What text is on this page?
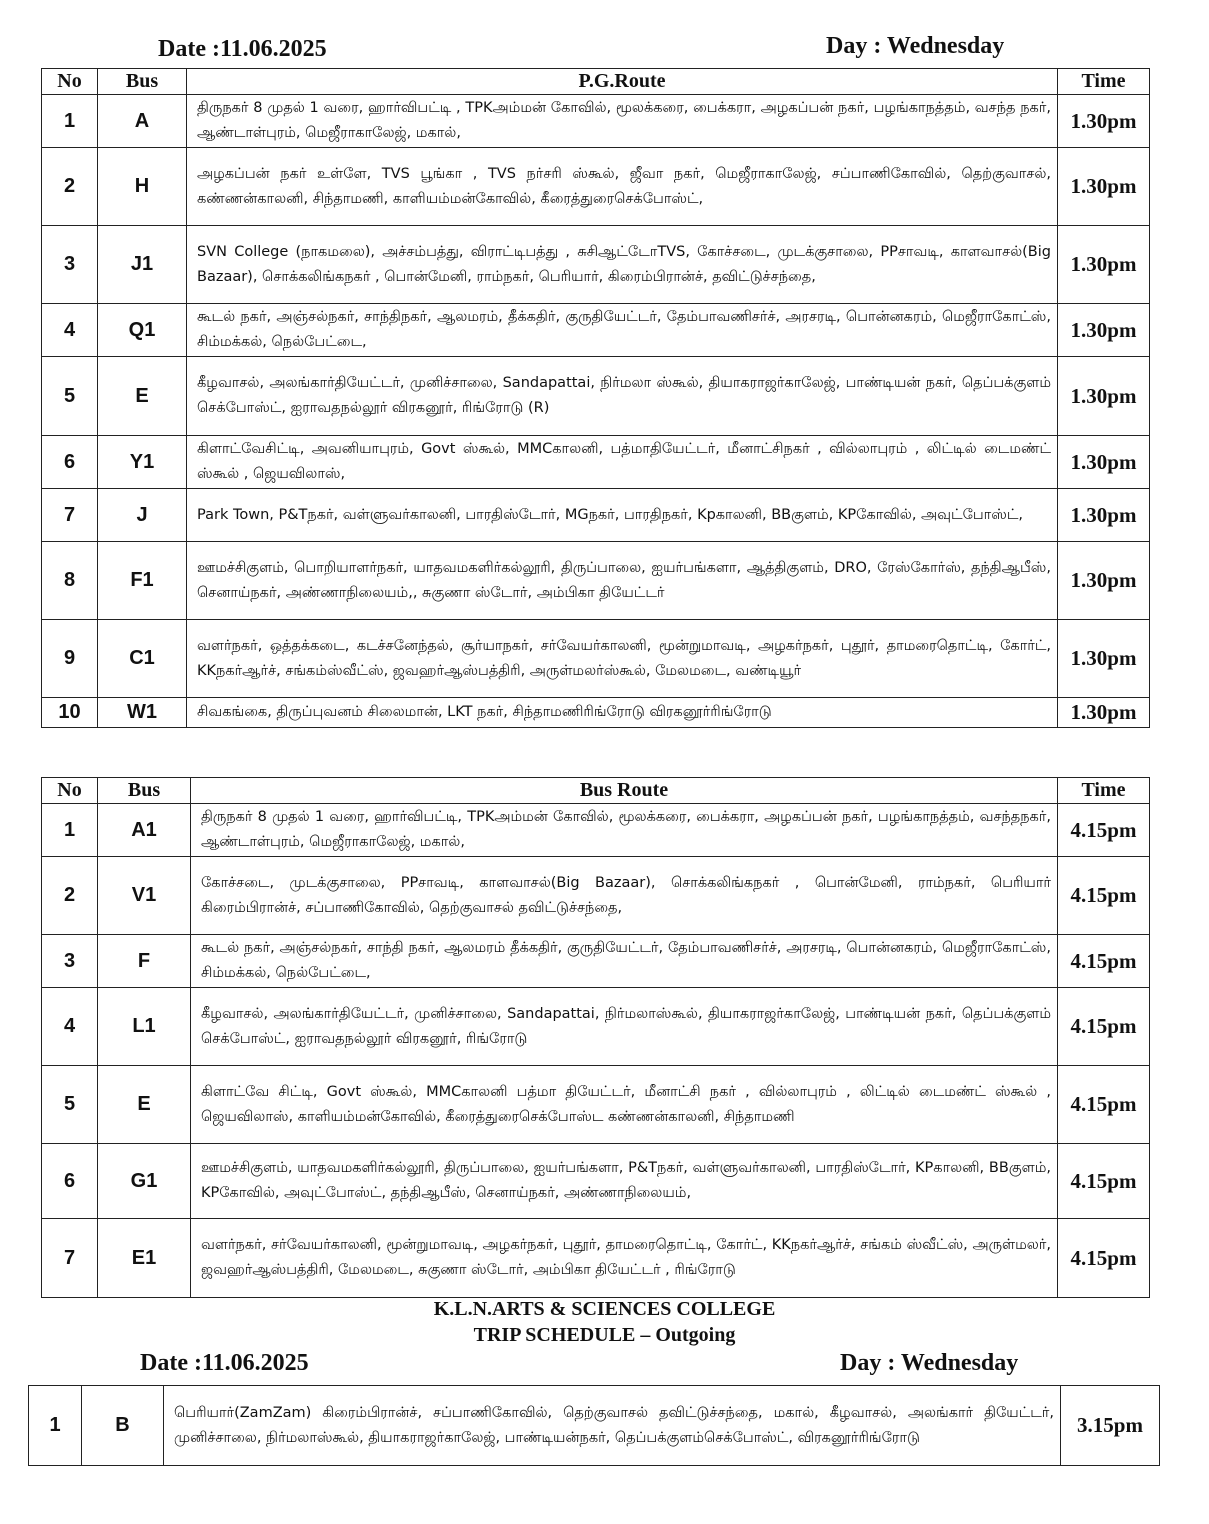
Date :11.06.2025	Day : Wednesday
No	Bus	P.G.Route	Time
1	A	திருநகர் 8 முதல் 1 வரை, ஹார்விபட்டி , TPKஅம்மன் கோவில், மூலக்கரை, பைக்கரா, அழகப்பன் நகர், பழங்காநத்தம், வசந்த நகர், ஆண்டாள்புரம், மெஜீராகாலேஜ், மகால்,	1.30pm
2	H	அழகப்பன் நகர் உள்ளே, TVS பூங்கா , TVS நர்சரி ஸ்கூல், ஜீவா நகர், மெஜீராகாலேஜ், சப்பாணிகோவில், தெற்குவாசல், கண்ணன்காலனி, சிந்தாமணி, காளியம்மன்கோவில், கீரைத்துரைசெக்போஸ்ட்,	1.30pm
3	J1	SVN College (நாகமலை), அச்சம்பத்து, விராட்டிபத்து , சுசிஆட்டோTVS, கோச்சடை, முடக்குசாலை, PPசாவடி, காளவாசல்(Big Bazaar), சொக்கலிங்கநகர் , பொன்மேனி, ராம்நகர், பெரியார், கிரைம்பிரான்ச், தவிட்டுச்சந்தை,	1.30pm
4	Q1	கூடல் நகர், அஞ்சல்நகர், சாந்திநகர், ஆலமரம், தீக்கதிர், குருதியேட்டர், தேம்பாவணிசர்ச், அரசரடி, பொன்னகரம், மெஜீராகோட்ஸ், சிம்மக்கல், நெல்பேட்டை,	1.30pm
5	E	கீழவாசல், அலங்கார்தியேட்டர், முனிச்சாலை, Sandapattai, நிர்மலா ஸ்கூல், தியாகராஜர்காலேஜ், பாண்டியன் நகர், தெப்பக்குளம் செக்போஸ்ட், ஐராவதநல்லூர் விரகனூர், ரிங்ரோடு (R)	1.30pm
6	Y1	கிளாட்வேசிட்டி, அவனியாபுரம், Govt ஸ்கூல், MMCகாலனி, பத்மாதியேட்டர், மீனாட்சிநகர் , வில்லாபுரம் , லிட்டில் டைமண்ட் ஸ்கூல் , ஜெயவிலாஸ்,	1.30pm
7	J	Park Town, P&Tநகர், வள்ளுவர்காலனி, பாரதிஸ்டோர், MGநகர், பாரதிநகர், Kpகாலனி, BBகுளம், KPகோவில், அவுட்போஸ்ட்,	1.30pm
8	F1	ஊமச்சிகுளம், பொறியாளர்நகர், யாதவமகளிர்கல்லூரி, திருப்பாலை, ஐயர்பங்களா, ஆத்திகுளம், DRO, ரேஸ்கோர்ஸ், தந்திஆபீஸ், செனாய்நகர், அண்ணாநிலையம்,, சுகுணா ஸ்டோர், அம்பிகா தியேட்டர்	1.30pm
9	C1	வளர்நகர், ஒத்தக்கடை, கடச்சனேந்தல், சூர்யாநகர், சர்வேயர்காலனி, மூன்றுமாவடி, அழகர்நகர், புதூர், தாமரைதொட்டி, கோர்ட், KKநகர்ஆர்ச், சங்கம்ஸ்வீட்ஸ், ஜவஹர்ஆஸ்பத்திரி, அருள்மலர்ஸ்கூல், மேலமடை, வண்டியூர்	1.30pm
10	W1	சிவகங்கை, திருப்புவனம் சிலைமான், LKT நகர், சிந்தாமணிரிங்ரோடு விரகனூர்ரிங்ரோடு	1.30pm
No	Bus	Bus Route	Time
1	A1	திருநகர் 8 முதல் 1 வரை, ஹார்விபட்டி, TPKஅம்மன் கோவில், மூலக்கரை, பைக்கரா, அழகப்பன் நகர், பழங்காநத்தம், வசந்தநகர், ஆண்டாள்புரம், மெஜீராகாலேஜ், மகால்,	4.15pm
2	V1	கோச்சடை, முடக்குசாலை, PPசாவடி, காளவாசல்(Big Bazaar), சொக்கலிங்கநகர் , பொன்மேனி, ராம்நகர், பெரியார் கிரைம்பிரான்ச், சப்பாணிகோவில், தெற்குவாசல் தவிட்டுச்சந்தை,	4.15pm
3	F	கூடல் நகர், அஞ்சல்நகர், சாந்தி நகர், ஆலமரம் தீக்கதிர், குருதியேட்டர், தேம்பாவணிசர்ச், அரசரடி, பொன்னகரம், மெஜீராகோட்ஸ், சிம்மக்கல், நெல்பேட்டை,	4.15pm
4	L1	கீழவாசல், அலங்கார்தியேட்டர், முனிச்சாலை, Sandapattai, நிர்மலாஸ்கூல், தியாகராஜர்காலேஜ், பாண்டியன் நகர், தெப்பக்குளம் செக்போஸ்ட், ஐராவதநல்லூர் விரகனூர், ரிங்ரோடு	4.15pm
5	E	கிளாட்வே சிட்டி, Govt ஸ்கூல், MMCகாலனி பத்மா தியேட்டர், மீனாட்சி நகர் , வில்லாபுரம் , லிட்டில் டைமண்ட் ஸ்கூல் , ஜெயவிலாஸ், காளியம்மன்கோவில், கீரைத்துரைசெக்போஸ்ட கண்ணன்காலனி, சிந்தாமணி	4.15pm
6	G1	ஊமச்சிகுளம், யாதவமகளிர்கல்லூரி, திருப்பாலை, ஐயர்பங்களா, P&Tநகர், வள்ளுவர்காலனி, பாரதிஸ்டோர், KPகாலனி, BBகுளம், KPகோவில், அவுட்போஸ்ட், தந்திஆபீஸ், செனாய்நகர், அண்ணாநிலையம்,	4.15pm
7	E1	வளர்நகர், சர்வேயர்காலனி, மூன்றுமாவடி, அழகர்நகர், புதூர், தாமரைதொட்டி, கோர்ட், KKநகர்ஆர்ச், சங்கம் ஸ்வீட்ஸ், அருள்மலர், ஜவஹர்ஆஸ்பத்திரி, மேலமடை, சுகுணா ஸ்டோர், அம்பிகா தியேட்டர் , ரிங்ரோடு	4.15pm
K.L.N.ARTS & SCIENCES COLLEGE
TRIP SCHEDULE – Outgoing
Date :11.06.2025	Day : Wednesday
1	B	பெரியார்(ZamZam) கிரைம்பிரான்ச், சப்பாணிகோவில், தெற்குவாசல் தவிட்டுச்சந்தை, மகால், கீழவாசல், அலங்கார் தியேட்டர், முனிச்சாலை, நிர்மலாஸ்கூல், தியாகராஜர்காலேஜ், பாண்டியன்நகர், தெப்பக்குளம்செக்போஸ்ட், விரகனூர்ரிங்ரோடு	3.15pm
